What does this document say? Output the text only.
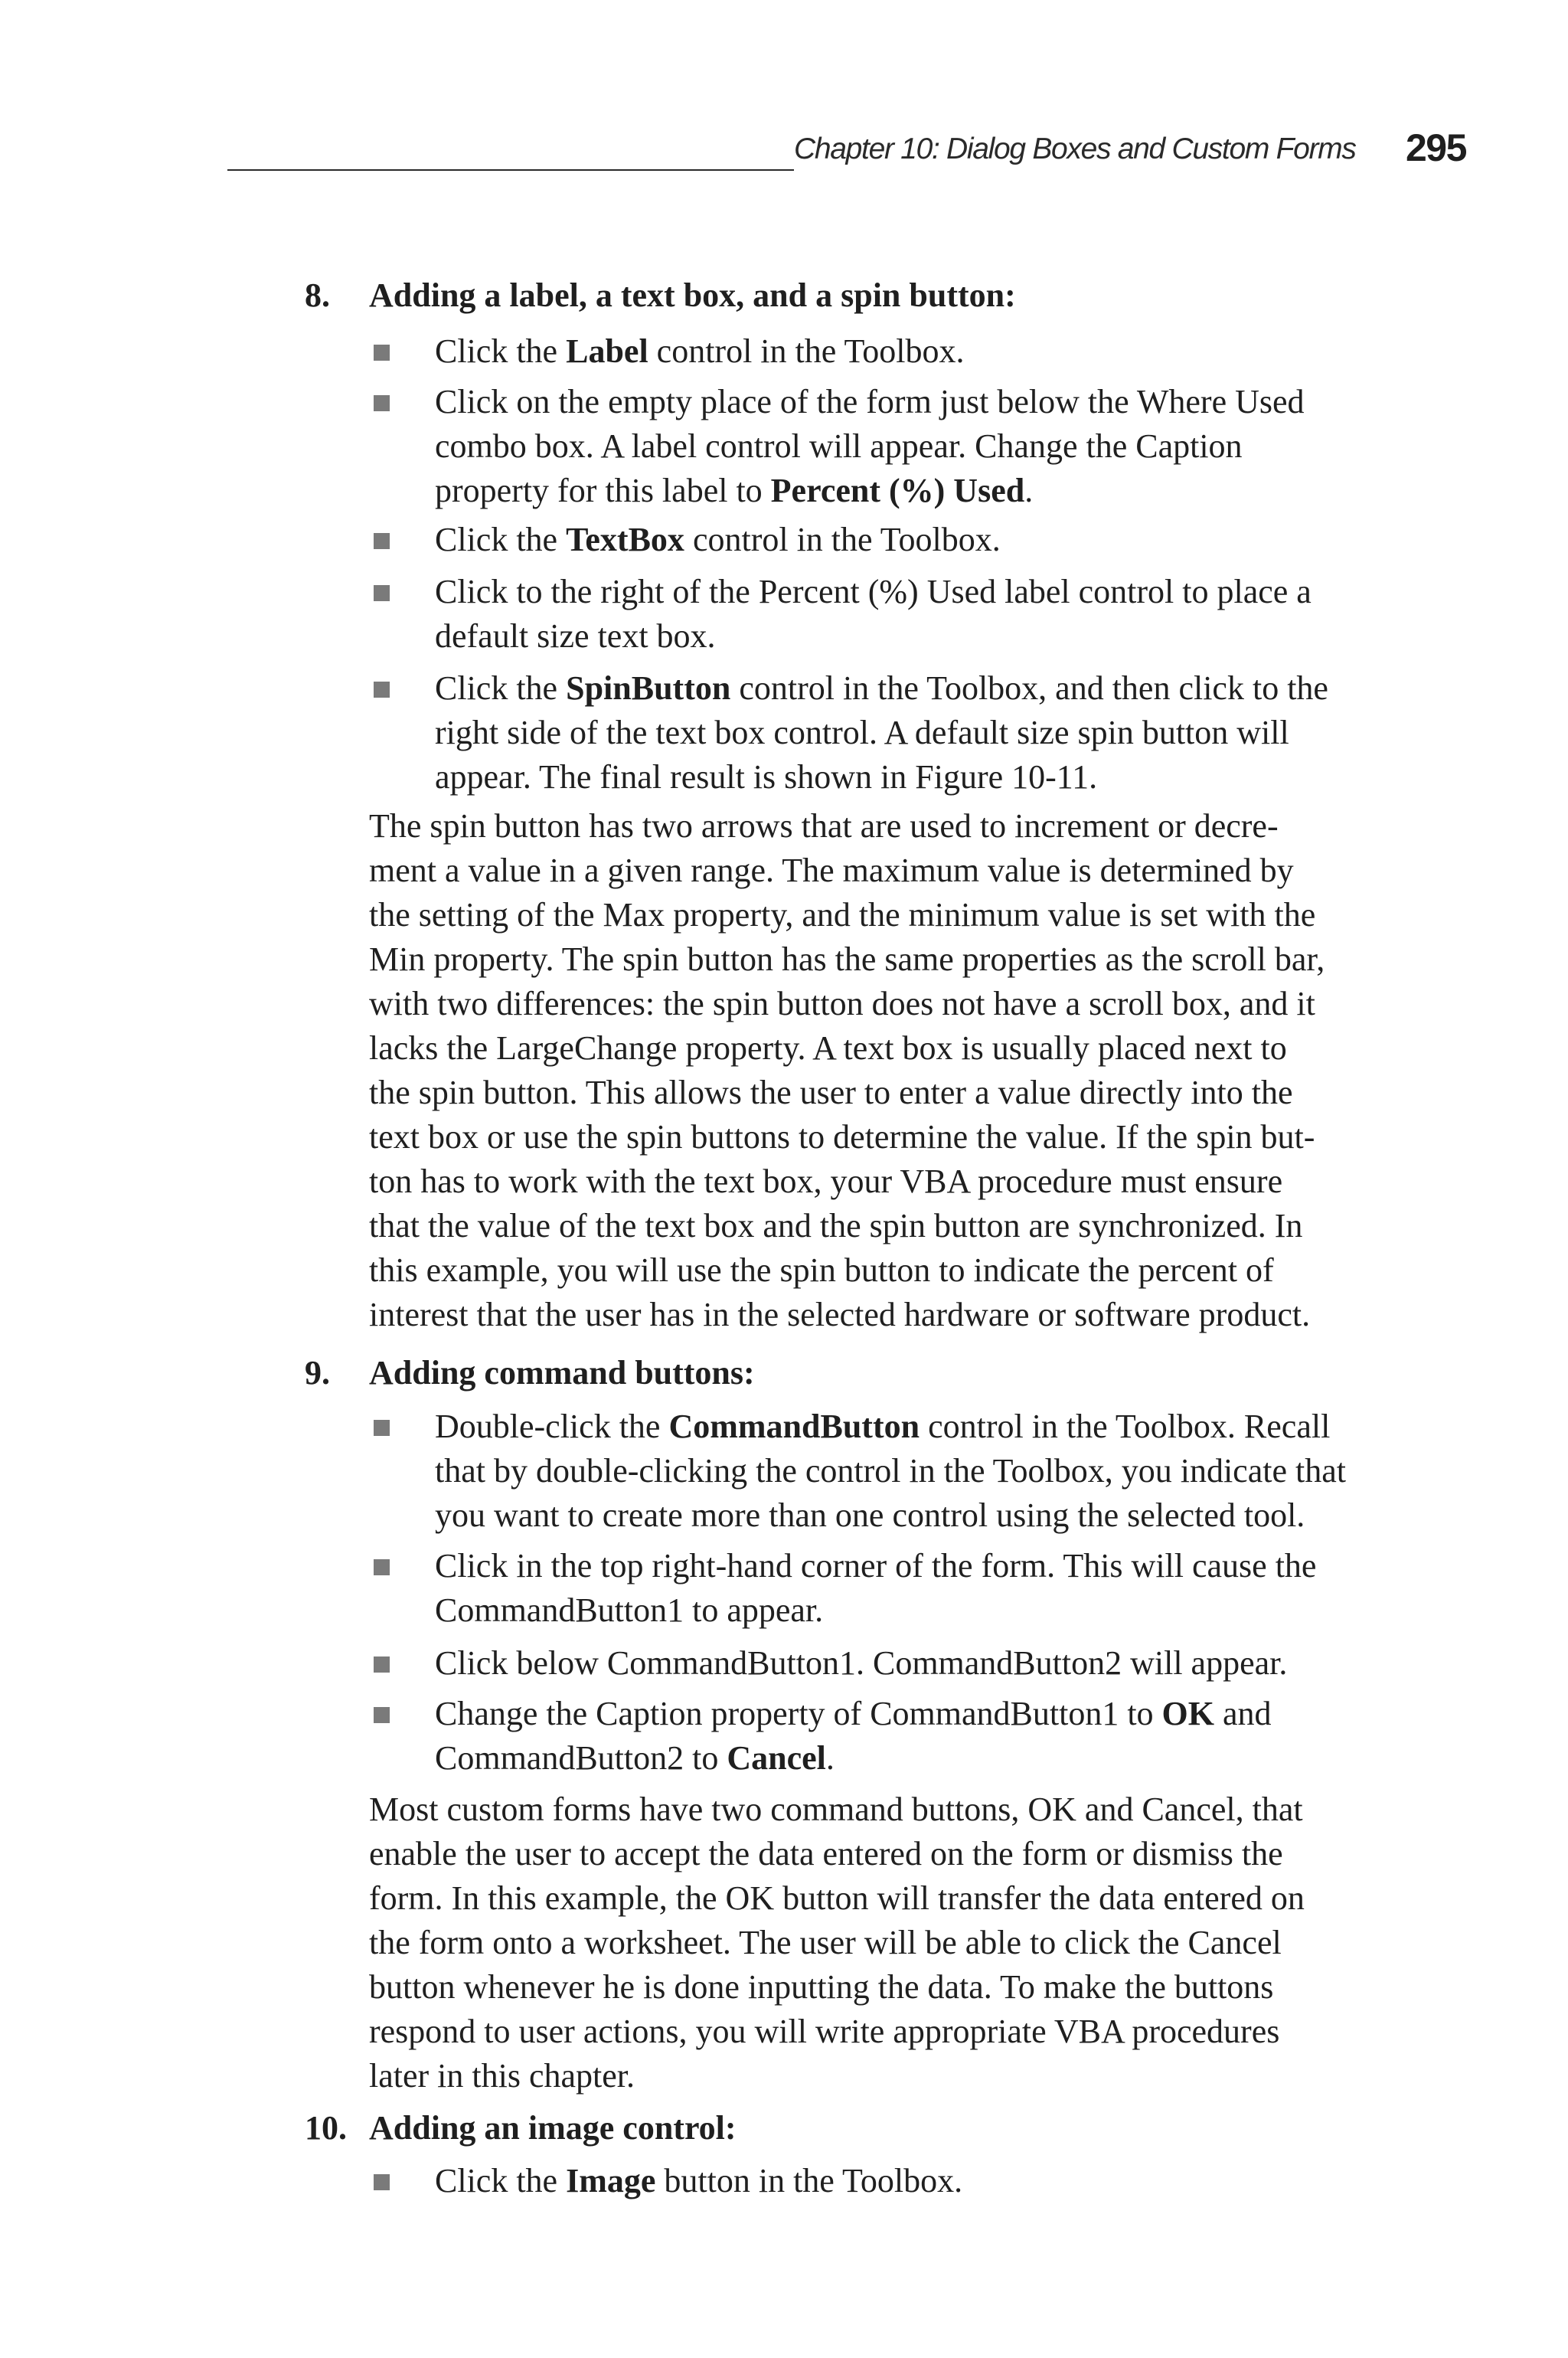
Chapter 10: Dialog Boxes and Custom Forms 295
8. Adding a label, a text box, and a spin button:
Click the Label control in the Toolbox.
Click on the empty place of the form just below the Where Used
combo box. A label control will appear. Change the Caption
property for this label to Percent (%) Used.
Click the TextBox control in the Toolbox.
Click to the right of the Percent (%) Used label control to place a
default size text box.
Click the SpinButton control in the Toolbox, and then click to the
right side of the text box control. A default size spin button will
appear. The final result is shown in Figure 10-11.
The spin button has two arrows that are used to increment or decre-
ment a value in a given range. The maximum value is determined by
the setting of the Max property, and the minimum value is set with the
Min property. The spin button has the same properties as the scroll bar,
with two differences: the spin button does not have a scroll box, and it
lacks the LargeChange property. A text box is usually placed next to
the spin button. This allows the user to enter a value directly into the
text box or use the spin buttons to determine the value. If the spin but-
ton has to work with the text box, your VBA procedure must ensure
that the value of the text box and the spin button are synchronized. In
this example, you will use the spin button to indicate the percent of
interest that the user has in the selected hardware or software product.
9. Adding command buttons:
Double-click the CommandButton control in the Toolbox. Recall
that by double-clicking the control in the Toolbox, you indicate that
you want to create more than one control using the selected tool.
Click in the top right-hand corner of the form. This will cause the
CommandButton1 to appear.
Click below CommandButton1. CommandButton2 will appear.
Change the Caption property of CommandButton1 to OK and
CommandButton2 to Cancel.
Most custom forms have two command buttons, OK and Cancel, that
enable the user to accept the data entered on the form or dismiss the
form. In this example, the OK button will transfer the data entered on
the form onto a worksheet. The user will be able to click the Cancel
button whenever he is done inputting the data. To make the buttons
respond to user actions, you will write appropriate VBA procedures
later in this chapter.
10. Adding an image control:
Click the Image button in the Toolbox.
